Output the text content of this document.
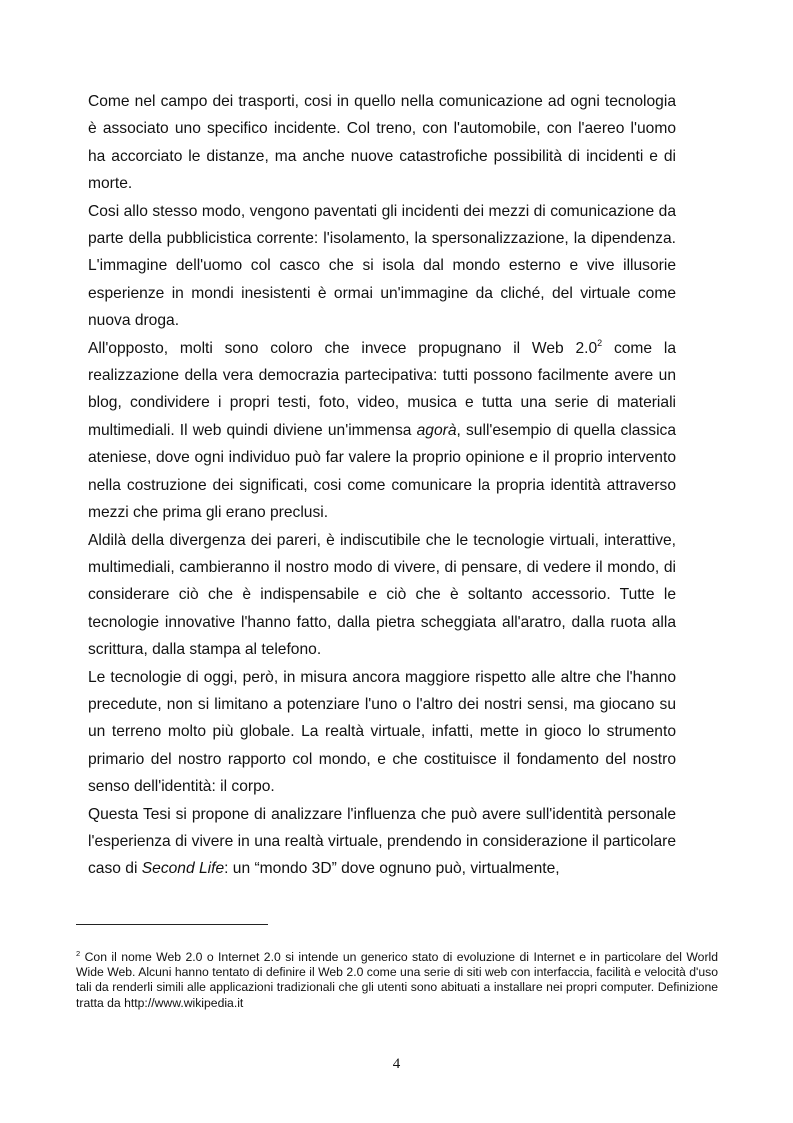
Come nel campo dei trasporti, cosi in quello nella comunicazione ad ogni tecnologia è associato uno specifico incidente. Col treno, con l'automobile, con l'aereo l'uomo ha accorciato le distanze, ma anche nuove catastrofiche possibilità di incidenti e di morte.

Cosi allo stesso modo, vengono paventati gli incidenti dei mezzi di comunicazione da parte della pubblicistica corrente: l'isolamento, la spersonalizzazione, la dipendenza. L'immagine dell'uomo col casco che si isola dal mondo esterno e vive illusorie esperienze in mondi inesistenti è ormai un'immagine da cliché, del virtuale come nuova droga.

All'opposto, molti sono coloro che invece propugnano il Web $2.0^2$ come la realizzazione della vera democrazia partecipativa: tutti possono facilmente avere un blog, condividere i propri testi, foto, video, musica e tutta una serie di materiali multimediali. Il web quindi diviene un'immensa agorà, sull'esempio di quella classica ateniese, dove ogni individuo può far valere la proprio opinione e il proprio intervento nella costruzione dei significati, cosi come comunicare la propria identità attraverso mezzi che prima gli erano preclusi.

Aldilà della divergenza dei pareri, è indiscutibile che le tecnologie virtuali, interattive, multimediali, cambieranno il nostro modo di vivere, di pensare, di vedere il mondo, di considerare ciò che è indispensabile e ciò che è soltanto accessorio. Tutte le tecnologie innovative l'hanno fatto, dalla pietra scheggiata all'aratro, dalla ruota alla scrittura, dalla stampa al telefono.

Le tecnologie di oggi, però, in misura ancora maggiore rispetto alle altre che l'hanno precedute, non si limitano a potenziare l'uno o l'altro dei nostri sensi, ma giocano su un terreno molto più globale. La realtà virtuale, infatti, mette in gioco lo strumento primario del nostro rapporto col mondo, e che costituisce il fondamento del nostro senso dell'identità: il corpo.

Questa Tesi si propone di analizzare l'influenza che può avere sull'identità personale l'esperienza di vivere in una realtà virtuale, prendendo in considerazione il particolare caso di Second Life: un “mondo 3D” dove ognuno può, virtualmente,

$^2$ Con il nome Web 2.0 o Internet 2.0 si intende un generico stato di evoluzione di Internet e in particolare del World Wide Web. Alcuni hanno tentato di definire il Web 2.0 come una serie di siti web con interfaccia, facilità e velocità d'uso tali da renderli simili alle applicazioni tradizionali che gli utenti sono abituati a installare nei propri computer. Definizione tratta da http://www.wikipedia.it
4
